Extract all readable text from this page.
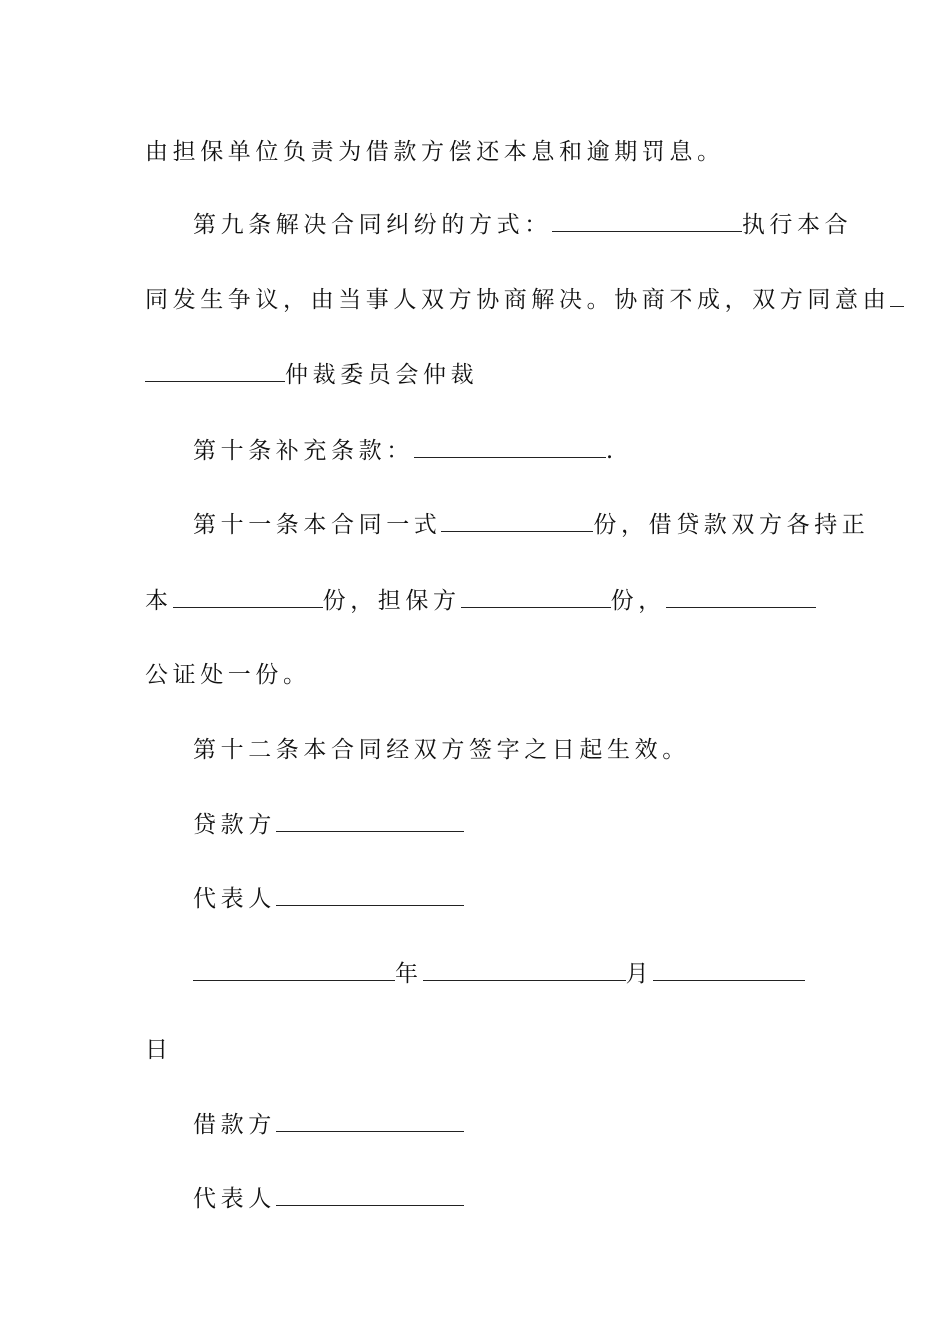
由担保单位负责为借款方偿还本息和逾期罚息。
第九条解决合同纠纷的方式：	执行本合
同发生争议，由当事人双方协商解决。协商不成，双方同意由
仲裁委员会仲裁
第十条补充条款：	.
第十一条本合同一式	份，借贷款双方各持正
本	份，担保方	份，
公证处一份。
第十二条本合同经双方签字之日起生效。
贷款方
代表人
年	月
日
借款方
代表人
